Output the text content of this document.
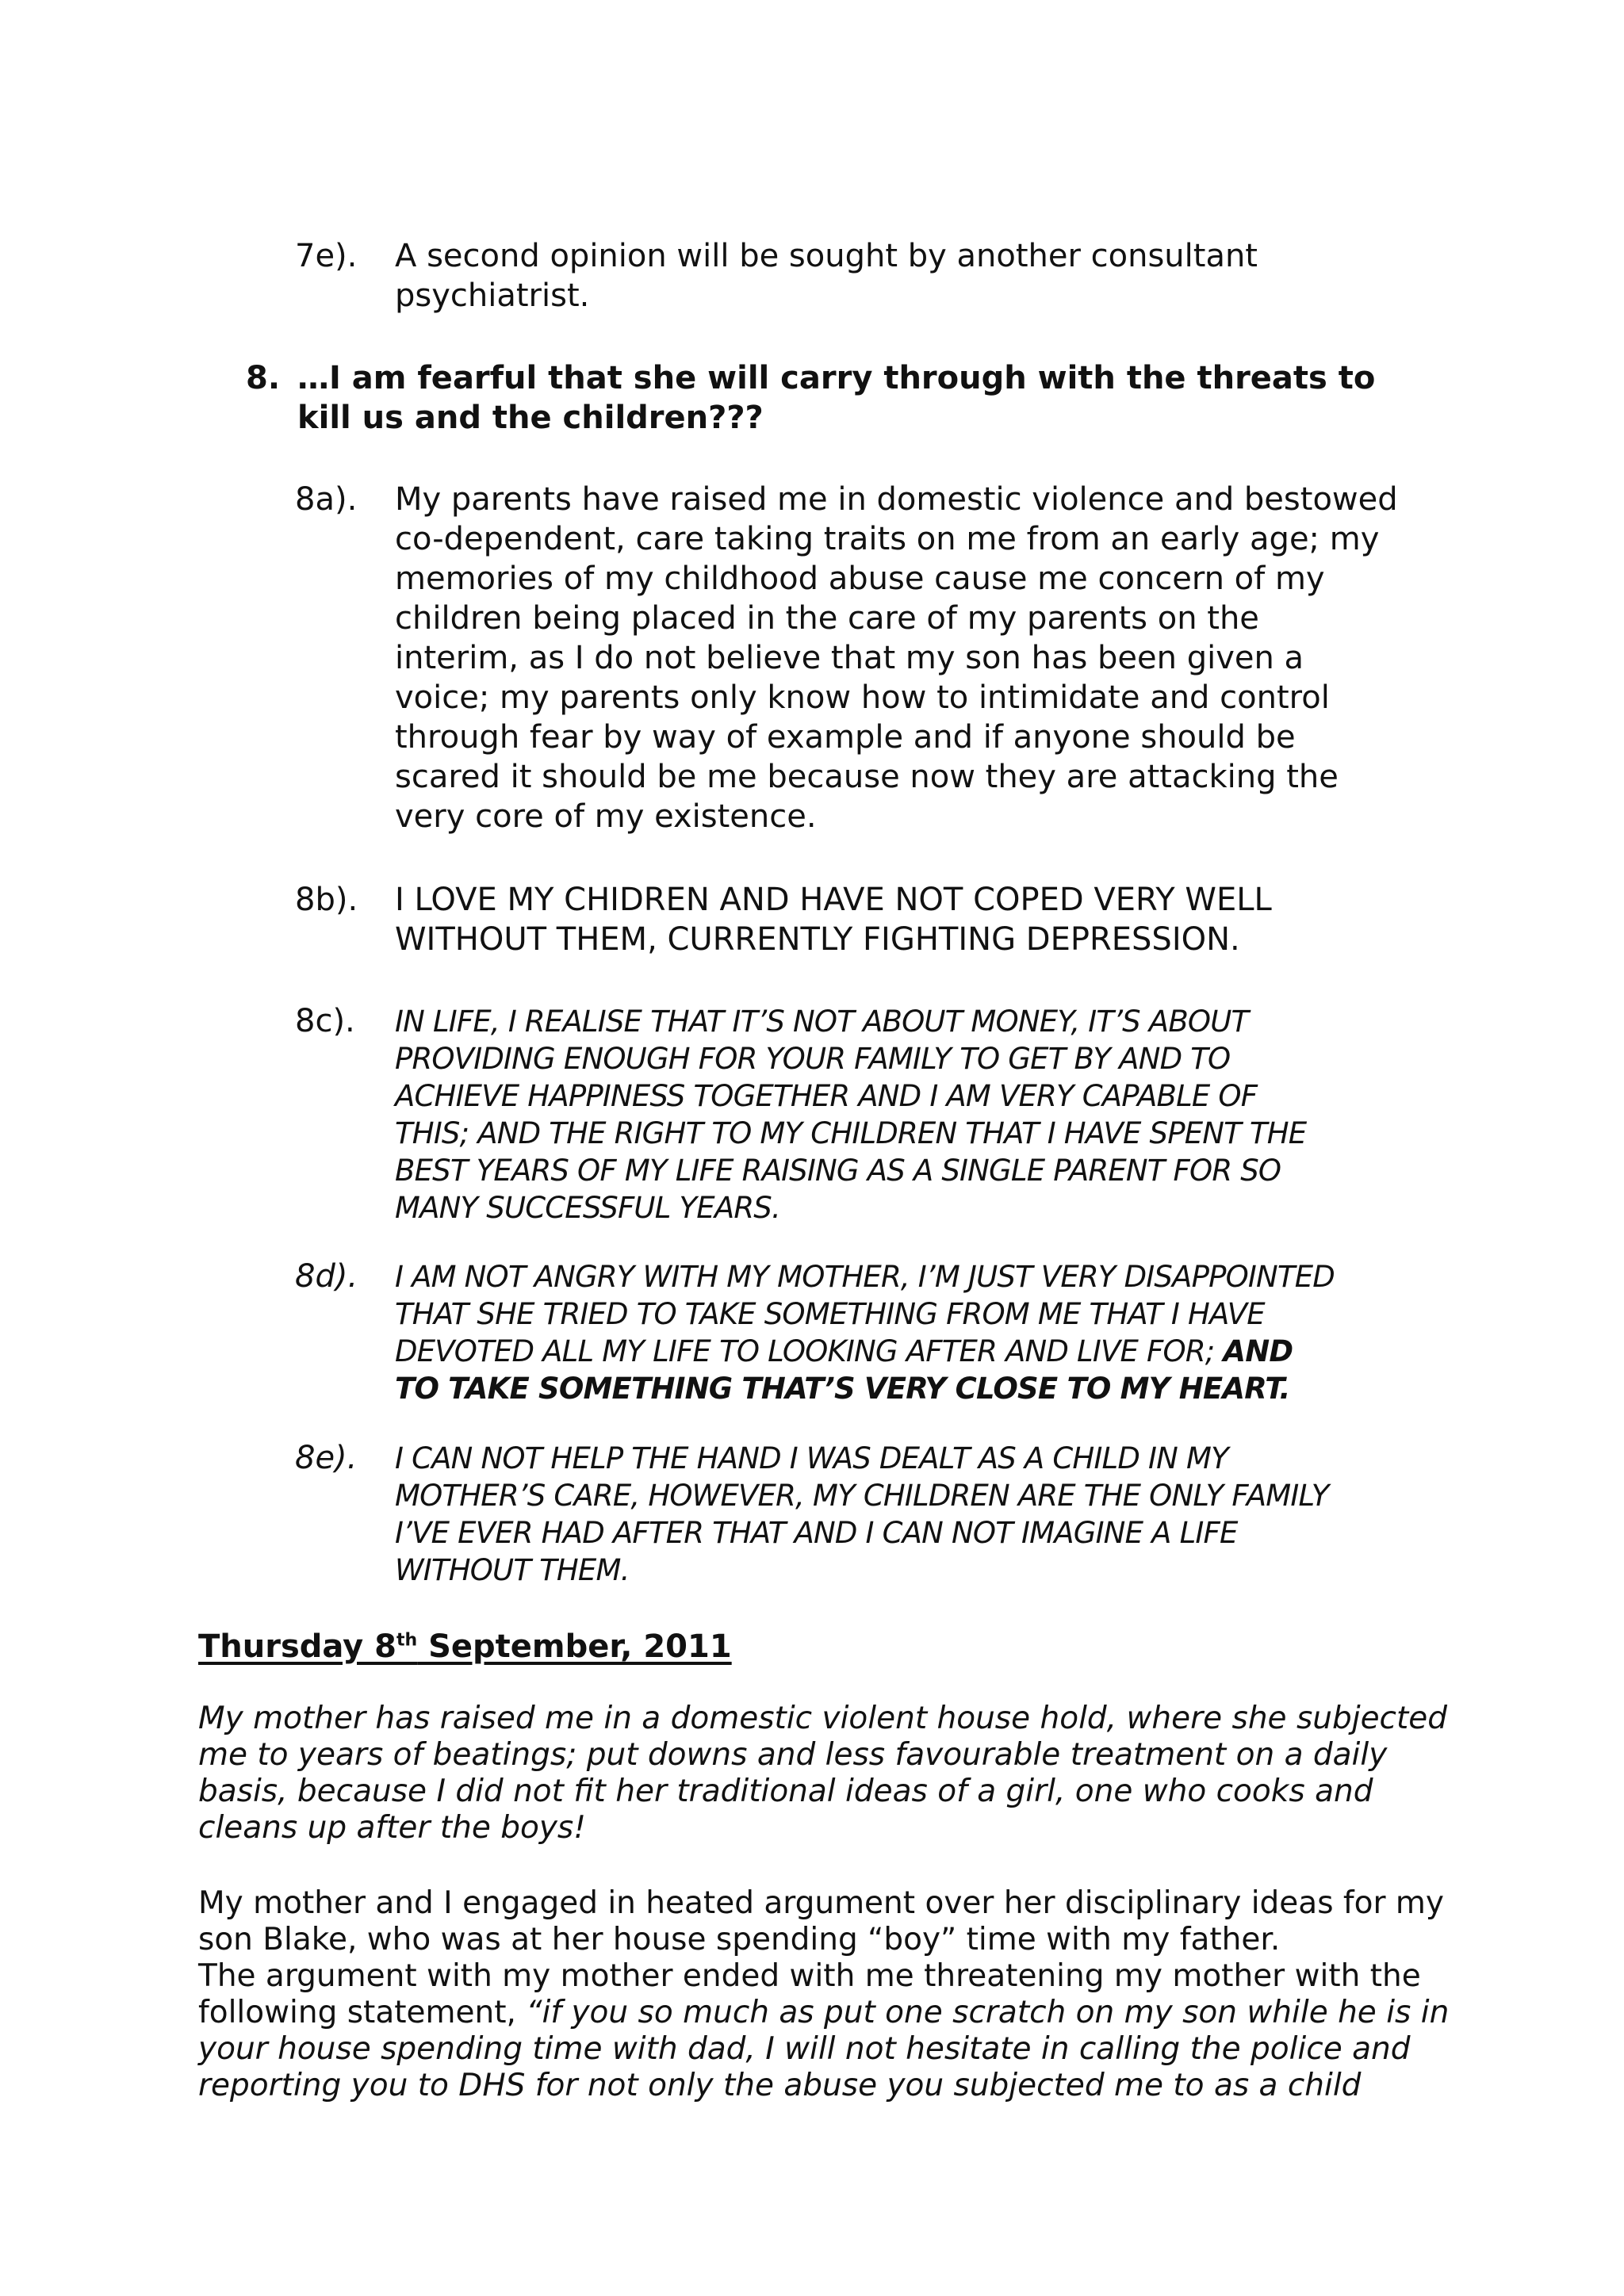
7e). A second opinion will be sought by another consultant
psychiatrist.
8. …I am fearful that she will carry through with the threats to
kill us and the children???
8a). My parents have raised me in domestic violence and bestowed
co-dependent, care taking traits on me from an early age; my
memories of my childhood abuse cause me concern of my
children being placed in the care of my parents on the
interim, as I do not believe that my son has been given a
voice; my parents only know how to intimidate and control
through fear by way of example and if anyone should be
scared it should be me because now they are attacking the
very core of my existence.
8b). I LOVE MY CHIDREN AND HAVE NOT COPED VERY WELL
WITHOUT THEM, CURRENTLY FIGHTING DEPRESSION.
8c). IN LIFE, I REALISE THAT IT’S NOT ABOUT MONEY, IT’S ABOUT
PROVIDING ENOUGH FOR YOUR FAMILY TO GET BY AND TO
ACHIEVE HAPPINESS TOGETHER AND I AM VERY CAPABLE OF
THIS; AND THE RIGHT TO MY CHILDREN THAT I HAVE SPENT THE
BEST YEARS OF MY LIFE RAISING AS A SINGLE PARENT FOR SO
MANY SUCCESSFUL YEARS.
8d). I AM NOT ANGRY WITH MY MOTHER, I’M JUST VERY DISAPPOINTED
THAT SHE TRIED TO TAKE SOMETHING FROM ME THAT I HAVE
DEVOTED ALL MY LIFE TO LOOKING AFTER AND LIVE FOR; AND
TO TAKE SOMETHING THAT’S VERY CLOSE TO MY HEART.
8e). I CAN NOT HELP THE HAND I WAS DEALT AS A CHILD IN MY
MOTHER’S CARE, HOWEVER, MY CHILDREN ARE THE ONLY FAMILY
I’VE EVER HAD AFTER THAT AND I CAN NOT IMAGINE A LIFE
WITHOUT THEM.
Thursday 8th September, 2011
My mother has raised me in a domestic violent house hold, where she subjected
me to years of beatings; put downs and less favourable treatment on a daily
basis, because I did not fit her traditional ideas of a girl, one who cooks and
cleans up after the boys!
My mother and I engaged in heated argument over her disciplinary ideas for my
son Blake, who was at her house spending “boy” time with my father.
The argument with my mother ended with me threatening my mother with the
following statement, “if you so much as put one scratch on my son while he is in
your house spending time with dad, I will not hesitate in calling the police and
reporting you to DHS for not only the abuse you subjected me to as a child
